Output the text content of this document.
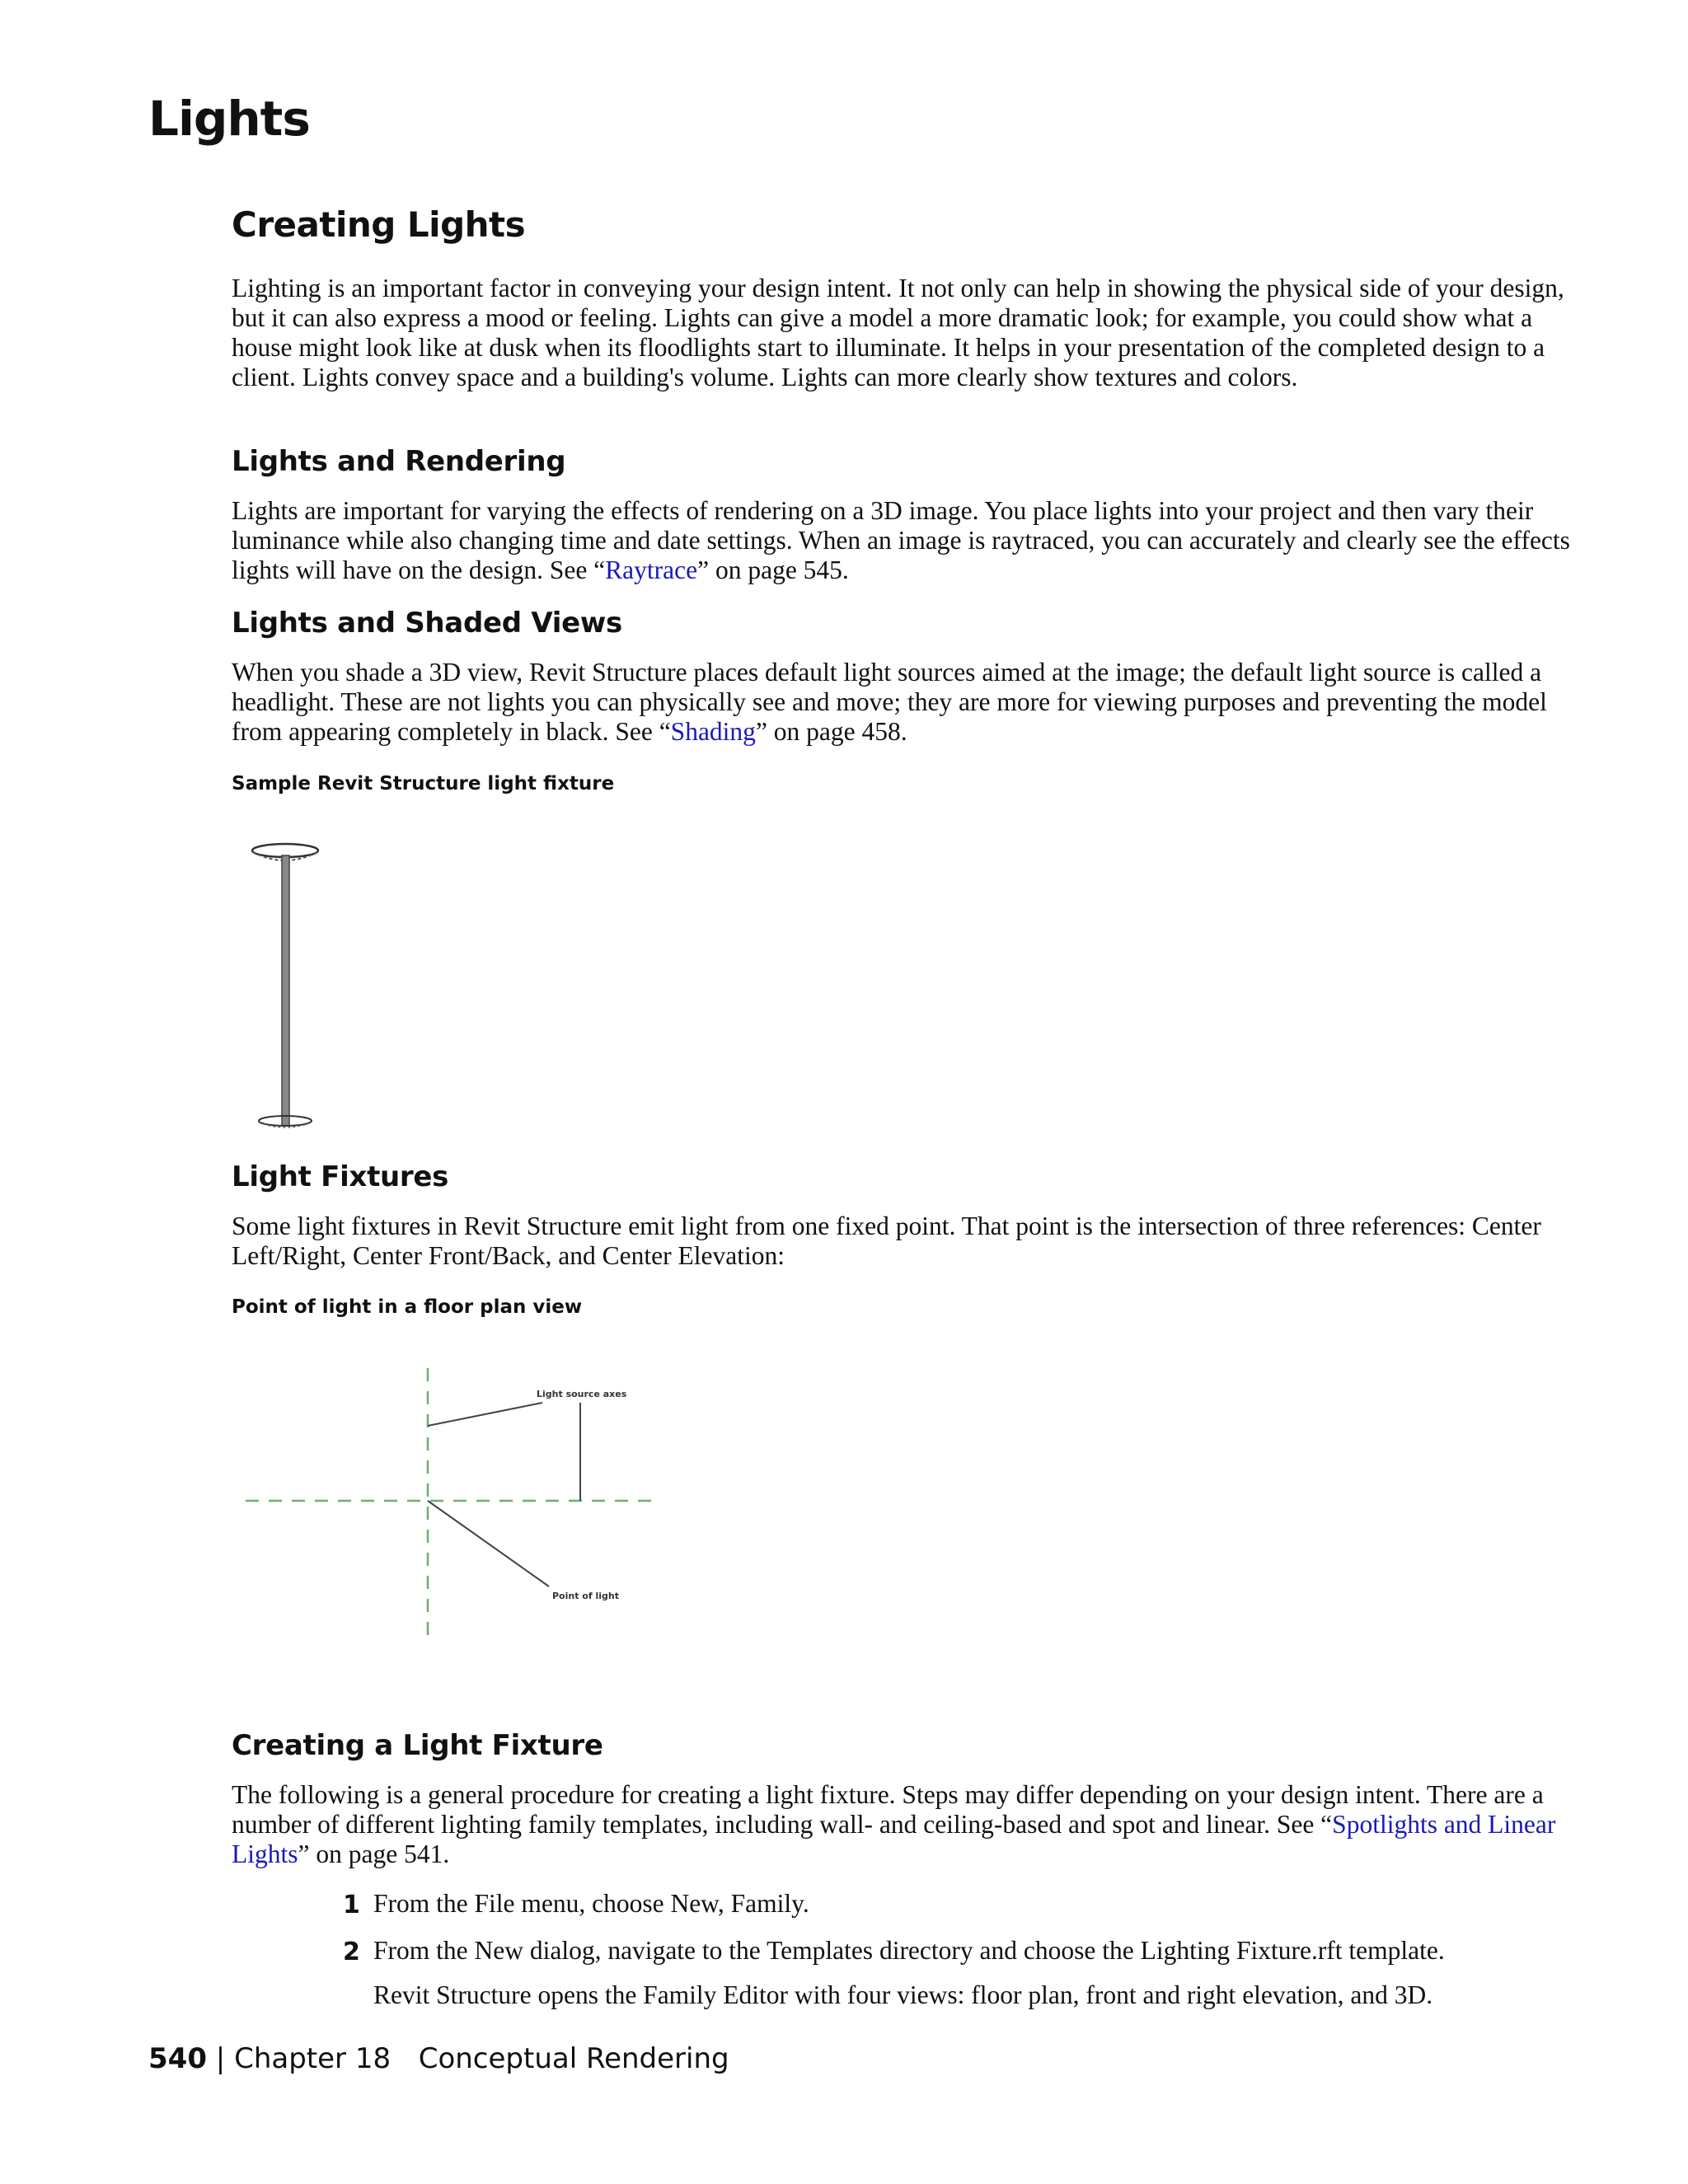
Lights
Creating Lights

Lighting is an important factor in conveying your design intent. It not only can help in showing the physical side of your design, but it can also express a mood or feeling. Lights can give a model a more dramatic look; for example, you could show what a house might look like at dusk when its floodlights start to illuminate. It helps in your presentation of the completed design to a client. Lights convey space and a building's volume. Lights can more clearly show textures and colors.

Lights and Rendering

Lights are important for varying the effects of rendering on a 3D image. You place lights into your project and then vary their luminance while also changing time and date settings. When an image is raytraced, you can accurately and clearly see the effects lights will have on the design. See “Raytrace” on page 545.

Lights and Shaded Views

When you shade a 3D view, Revit Structure places default light sources aimed at the image; the default light source is called a headlight. These are not lights you can physically see and move; they are more for viewing purposes and preventing the model from appearing completely in black. See “Shading” on page 458.

Sample Revit Structure light fixture
Light Fixtures

Some light fixtures in Revit Structure emit light from one fixed point. That point is the intersection of three references: Center Left/Right, Center Front/Back, and Center Elevation:

Point of light in a floor plan view
Light source axes
Point of light
Creating a Light Fixture

The following is a general procedure for creating a light fixture. Steps may differ depending on your design intent. There are a number of different lighting family templates, including wall- and ceiling-based and spot and linear. See “Spotlights and Linear Lights” on page 541.

1 From the File menu, choose New, Family.
2 From the New dialog, navigate to the Templates directory and choose the Lighting Fixture.rft template.
Revit Structure opens the Family Editor with four views: floor plan, front and right elevation, and 3D.
540 | Chapter 18 Conceptual Rendering
